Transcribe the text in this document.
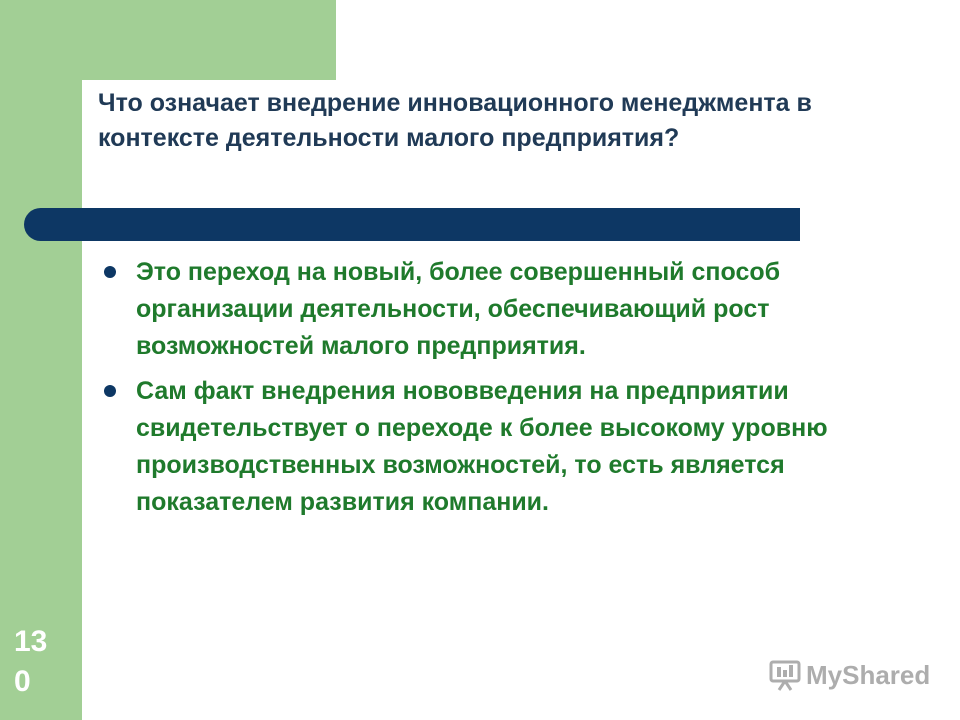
Что означает внедрение инновационного менеджмента в контексте деятельности малого предприятия?
Это переход на новый, более совершенный способ организации деятельности, обеспечивающий рост возможностей малого предприятия.
Сам факт внедрения нововведения на предприятии свидетельствует о переходе к более высокому уровню производственных возможностей, то есть является показателем развития компании.
130	MyShared
